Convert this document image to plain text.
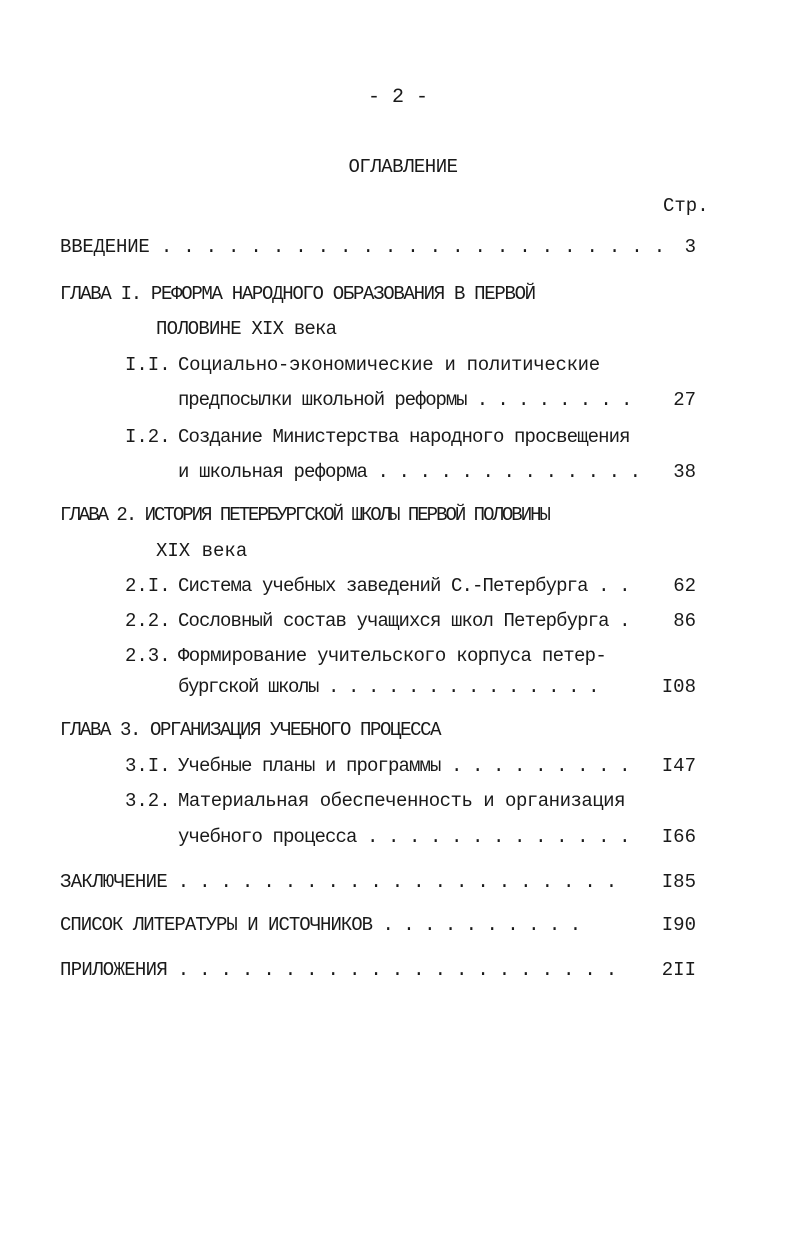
- 2 -
ОГЛАВЛЕНИЕ
Стр.
ВВЕДЕНИЕ . . . . . . . . . . . . . . . . . . . . . . .	3
ГЛАВА I. РЕФОРМА НАРОДНОГО ОБРАЗОВАНИЯ В ПЕРВОЙ
ПОЛОВИНЕ XIX века
I.I. Социально-экономические и политические
предпосылки школьной реформы . . . . . . . .	27
I.2. Создание Министерства народного просвещения
и школьная реформа . . . . . . . . . . . . .	38
ГЛАВА 2. ИСТОРИЯ ПЕТЕРБУРГСКОЙ ШКОЛЫ ПЕРВОЙ ПОЛОВИНЫ
XIX века
2.I. Система учебных заведений С.-Петербурга . .	62
2.2. Сословный состав учащихся школ Петербурга .	86
2.3. Формирование учительского корпуса петер-
бургской школы . . . . . . . . . . . . . .	I08
ГЛАВА 3. ОРГАНИЗАЦИЯ УЧЕБНОГО ПРОЦЕССА
3.I. Учебные планы и программы . . . . . . . . .	I47
3.2. Материальная обеспеченность и организация
учебного процесса . . . . . . . . . . . . .	I66
ЗАКЛЮЧЕНИЕ . . . . . . . . . . . . . . . . . . . . .	I85
СПИСОК ЛИТЕРАТУРЫ И ИСТОЧНИКОВ . . . . . . . . . .	I90
ПРИЛОЖЕНИЯ . . . . . . . . . . . . . . . . . . . . .	2II
